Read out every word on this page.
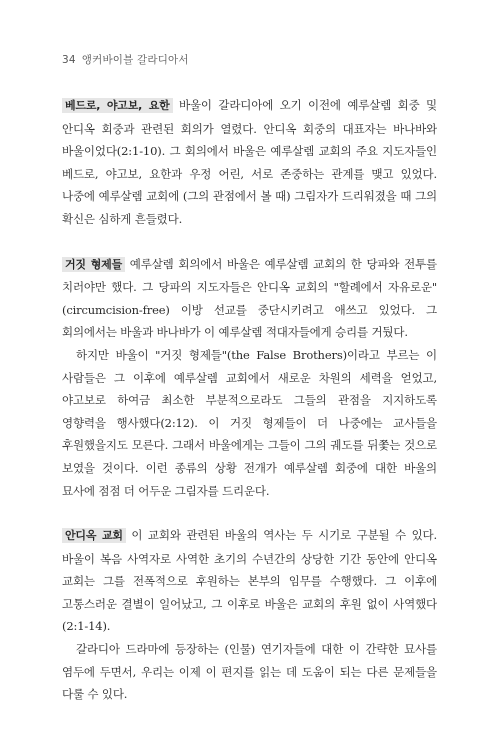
34 앵커바이블 갈라디아서

베드로, 야고보, 요한 바울이 갈라디아에 오기 이전에 예루살렘 회중 및 안디옥 회중과 관련된 회의가 열렸다. 안디옥 회중의 대표자는 바나바와 바울이었다(2:1-10). 그 회의에서 바울은 예루살렘 교회의 주요 지도자들인 베드로, 야고보, 요한과 우정 어린, 서로 존중하는 관계를 맺고 있었다. 나중에 예루살렘 교회에 (그의 관점에서 볼 때) 그림자가 드리워졌을 때 그의 확신은 심하게 흔들렸다.

거짓 형제들 예루살렘 회의에서 바울은 예루살렘 교회의 한 당파와 전투를 치러야만 했다. 그 당파의 지도자들은 안디옥 교회의 "할례에서 자유로운"(circumcision-free) 이방 선교를 중단시키려고 애쓰고 있었다. 그 회의에서는 바울과 바나바가 이 예루살렘 적대자들에게 승리를 거뒀다.

하지만 바울이 "거짓 형제들"(the False Brothers)이라고 부르는 이 사람들은 그 이후에 예루살렘 교회에서 새로운 차원의 세력을 얻었고, 야고보로 하여금 최소한 부분적으로라도 그들의 관점을 지지하도록 영향력을 행사했다(2:12). 이 거짓 형제들이 더 나중에는 교사들을 후원했을지도 모른다. 그래서 바울에게는 그들이 그의 궤도를 뒤쫓는 것으로 보였을 것이다. 이런 종류의 상황 전개가 예루살렘 회중에 대한 바울의 묘사에 점점 더 어두운 그림자를 드리운다.

안디옥 교회 이 교회와 관련된 바울의 역사는 두 시기로 구분될 수 있다. 바울이 복음 사역자로 사역한 초기의 수년간의 상당한 기간 동안에 안디옥 교회는 그를 전폭적으로 후원하는 본부의 임무를 수행했다. 그 이후에 고통스러운 결별이 일어났고, 그 이후로 바울은 교회의 후원 없이 사역했다(2:1-14).

갈라디아 드라마에 등장하는 (인물) 연기자들에 대한 이 간략한 묘사를 염두에 두면서, 우리는 이제 이 편지를 읽는 데 도움이 되는 다른 문제들을 다룰 수 있다.
